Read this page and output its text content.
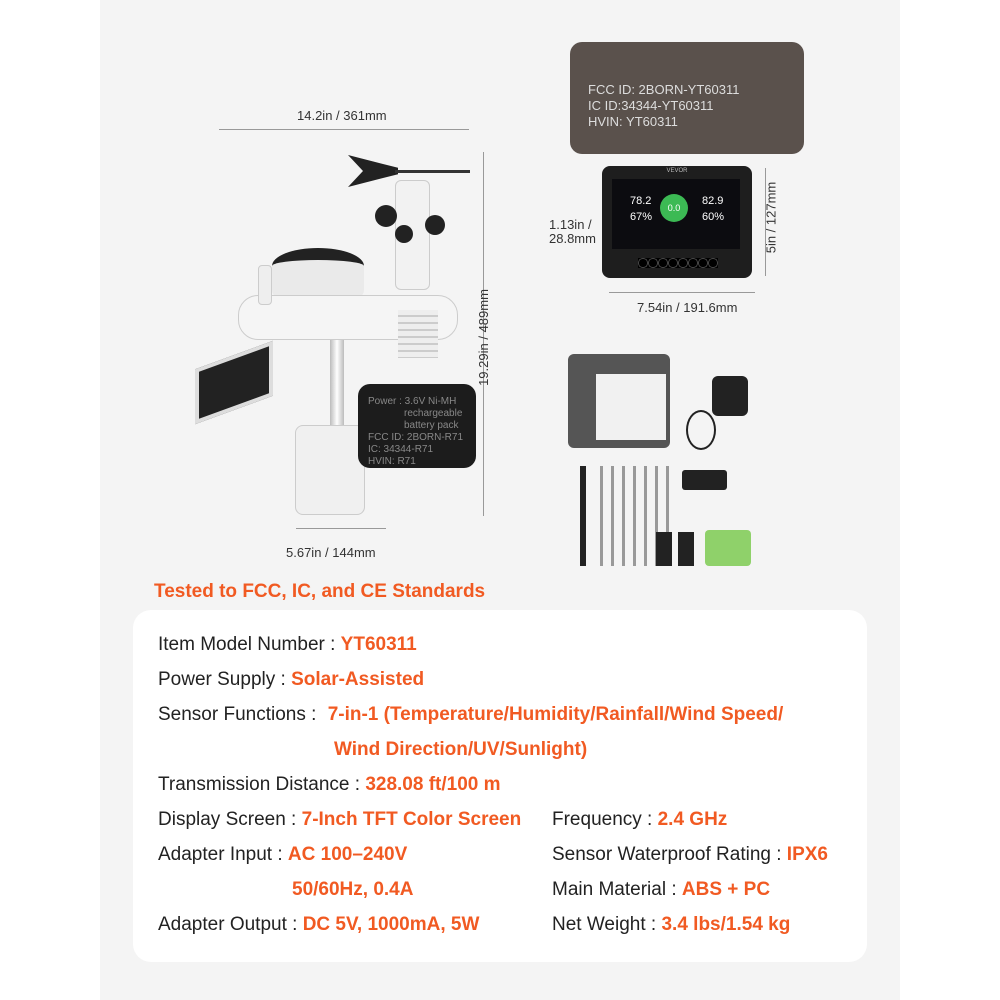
14.2in / 361mm
19.29in / 489mm
5.67in / 144mm
Power : 3.6V Ni-MH
rechargeable
battery pack
FCC ID: 2BORN-R71
IC: 34344-R71
HVIN: R71
FCC ID: 2BORN-YT60311
IC ID:34344-YT60311
HVIN: YT60311
VEVOR
78.2
67%
0.0
82.9
60%
1.13in /
28.8mm	5in / 127mm
7.54in / 191.6mm
Tested to FCC, IC, and CE Standards
Item Model Number : YT60311
Power Supply : Solar-Assisted
Sensor Functions : 7-in-1 (Temperature/Humidity/Rainfall/Wind Speed/
Wind Direction/UV/Sunlight)
Transmission Distance : 328.08 ft/100 m
Display Screen : 7-Inch TFT Color Screen
Adapter Input : AC 100–240V
50/60Hz, 0.4A
Adapter Output : DC 5V, 1000mA, 5W
Frequency : 2.4 GHz
Sensor Waterproof Rating : IPX6
Main Material : ABS + PC
Net Weight : 3.4 lbs/1.54 kg
